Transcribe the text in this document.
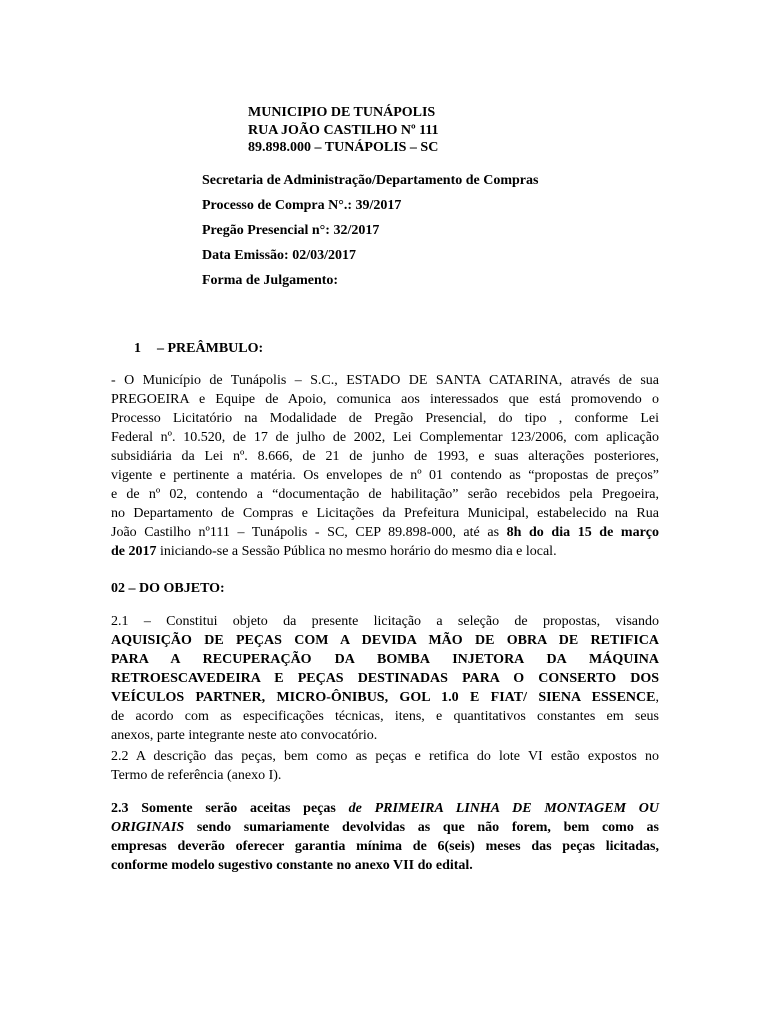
MUNICIPIO DE TUNÁPOLIS
RUA JOÃO CASTILHO Nº 111
89.898.000 – TUNÁPOLIS – SC
Secretaria de Administração/Departamento de Compras
Processo de Compra N°.: 39/2017
Pregão Presencial n°: 32/2017
Data Emissão: 02/03/2017
Forma de Julgamento:
1 – PREÂMBULO:
- O Município de Tunápolis – S.C., ESTADO DE SANTA CATARINA, através de sua
PREGOEIRA e Equipe de Apoio, comunica aos interessados que está promovendo o
Processo Licitatório na Modalidade de Pregão Presencial, do tipo , conforme Lei
Federal nº. 10.520, de 17 de julho de 2002, Lei Complementar 123/2006, com aplicação
subsidiária da Lei nº. 8.666, de 21 de junho de 1993, e suas alterações posteriores,
vigente e pertinente a matéria. Os envelopes de nº 01 contendo as “propostas de preços”
e de nº 02, contendo a “documentação de habilitação” serão recebidos pela Pregoeira,
no Departamento de Compras e Licitações da Prefeitura Municipal, estabelecido na Rua
João Castilho nº111 – Tunápolis - SC, CEP 89.898-000, até as 8h do dia 15 de março
de 2017 iniciando-se a Sessão Pública no mesmo horário do mesmo dia e local.
02 – DO OBJETO:
2.1 – Constitui objeto da presente licitação a seleção de propostas, visando
AQUISIÇÃO DE PEÇAS COM A DEVIDA MÃO DE OBRA DE RETIFICA
PARA A RECUPERAÇÃO DA BOMBA INJETORA DA MÁQUINA
RETROESCAVEDEIRA E PEÇAS DESTINADAS PARA O CONSERTO DOS
VEÍCULOS PARTNER, MICRO-ÔNIBUS, GOL 1.0 E FIAT/ SIENA ESSENCE,
de acordo com as especificações técnicas, itens, e quantitativos constantes em seus
anexos, parte integrante neste ato convocatório.
2.2 A descrição das peças, bem como as peças e retifica do lote VI estão expostos no
Termo de referência (anexo I).
2.3 Somente serão aceitas peças de PRIMEIRA LINHA DE MONTAGEM OU
ORIGINAIS sendo sumariamente devolvidas as que não forem, bem como as
empresas deverão oferecer garantia mínima de 6(seis) meses das peças licitadas,
conforme modelo sugestivo constante no anexo VII do edital.
